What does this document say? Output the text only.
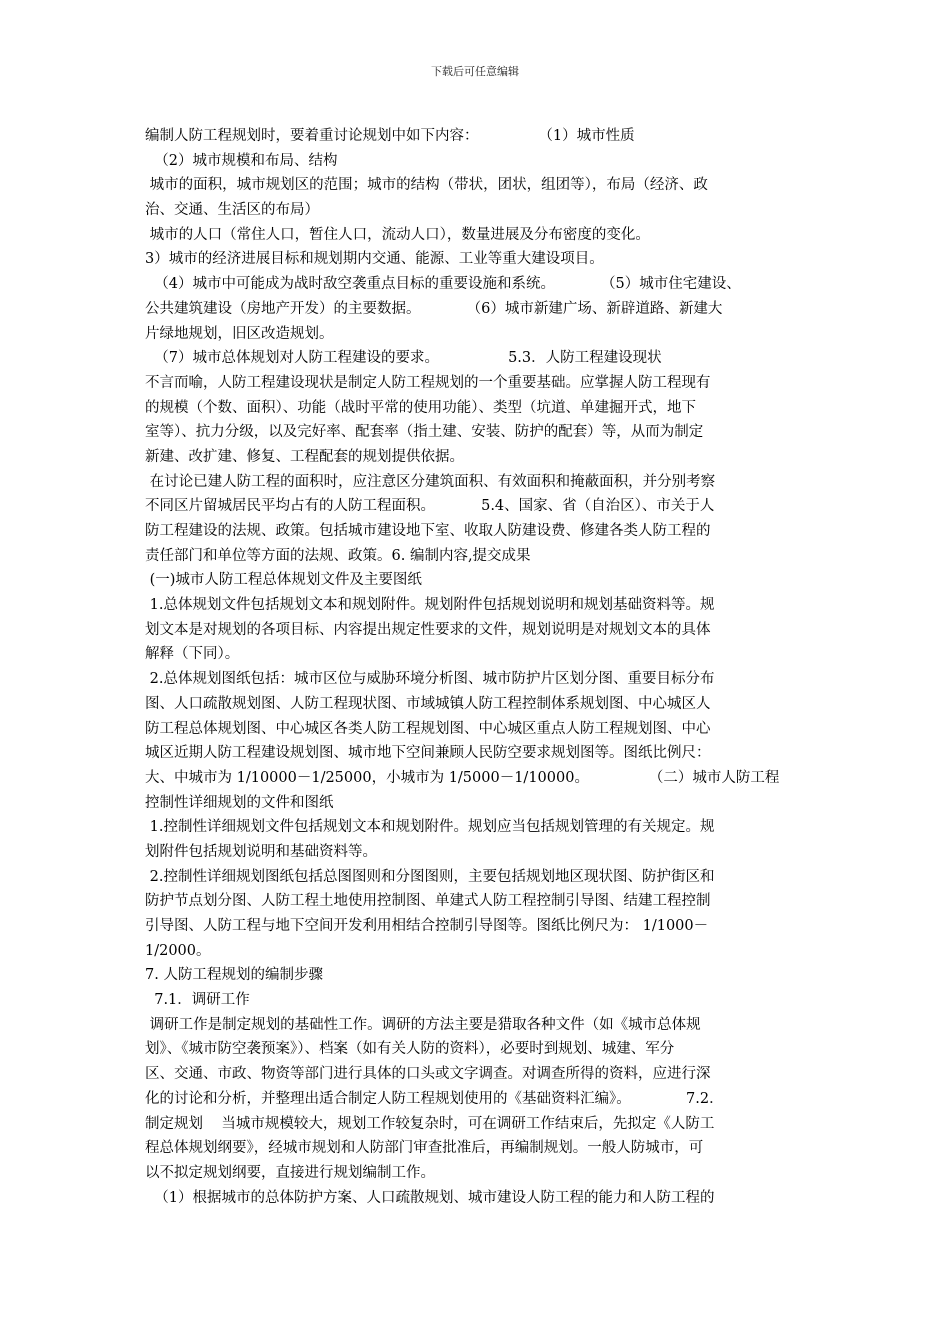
下载后可任意编辑
编制人防工程规划时，要着重讨论规划中如下内容：             （1）城市性质
（2）城市规模和布局、结构
城市的面积，城市规划区的范围；城市的结构（带状，团状，组团等），布局（经济、政
治、交通、生活区的布局）
城市的人口（常住人口，暂住人口，流动人口），数量进展及分布密度的变化。
3）城市的经济进展目标和规划期内交通、能源、工业等重大建设项目。
（4）城市中可能成为战时敌空袭重点目标的重要设施和系统。          （5）城市住宅建设、
公共建筑建设（房地产开发）的主要数据。          （6）城市新建广场、新辟道路、新建大
片绿地规划，旧区改造规划。
（7）城市总体规划对人防工程建设的要求。               5.3．人防工程建设现状
不言而喻，人防工程建设现状是制定人防工程规划的一个重要基础。应掌握人防工程现有
的规模（个数、面积）、功能（战时平常的使用功能）、类型（坑道、单建掘开式，地下
室等）、抗力分级，以及完好率、配套率（指土建、安装、防护的配套）等，从而为制定
新建、改扩建、修复、工程配套的规划提供依据。
在讨论已建人防工程的面积时，应注意区分建筑面积、有效面积和掩蔽面积，并分别考察
不同区片留城居民平均占有的人防工程面积。          5.4、国家、省（自治区）、市关于人
防工程建设的法规、政策。包括城市建设地下室、收取人防建设费、修建各类人防工程的
责任部门和单位等方面的法规、政策。6. 编制内容,提交成果
(一)城市人防工程总体规划文件及主要图纸
1.总体规划文件包括规划文本和规划附件。规划附件包括规划说明和规划基础资料等。规
划文本是对规划的各项目标、内容提出规定性要求的文件，规划说明是对规划文本的具体
解释（下同）。
2.总体规划图纸包括：城市区位与威胁环境分析图、城市防护片区划分图、重要目标分布
图、人口疏散规划图、人防工程现状图、市域城镇人防工程控制体系规划图、中心城区人
防工程总体规划图、中心城区各类人防工程规划图、中心城区重点人防工程规划图、中心
城区近期人防工程建设规划图、城市地下空间兼顾人民防空要求规划图等。图纸比例尺：
大、中城市为 1/10000－1/25000，小城市为 1/5000－1/10000。             （二）城市人防工程
控制性详细规划的文件和图纸
1.控制性详细规划文件包括规划文本和规划附件。规划应当包括规划管理的有关规定。规
划附件包括规划说明和基础资料等。
2.控制性详细规划图纸包括总图图则和分图图则，主要包括规划地区现状图、防护街区和
防护节点划分图、人防工程土地使用控制图、单建式人防工程控制引导图、结建工程控制
引导图、人防工程与地下空间开发利用相结合控制引导图等。图纸比例尺为： 1/1000－
1/2000。
7. 人防工程规划的编制步骤
7.1．调研工作
调研工作是制定规划的基础性工作。调研的方法主要是猎取各种文件（如《城市总体规
划》、《城市防空袭预案》）、档案（如有关人防的资料），必要时到规划、城建、军分
区、交通、市政、物资等部门进行具体的口头或文字调查。对调查所得的资料，应进行深
化的讨论和分析，并整理出适合制定人防工程规划使用的《基础资料汇编》。            7.2．
制定规划    当城市规模较大，规划工作较复杂时，可在调研工作结束后，先拟定《人防工
程总体规划纲要》，经城市规划和人防部门审查批准后，再编制规划。一般人防城市，可
以不拟定规划纲要，直接进行规划编制工作。
（1）根据城市的总体防护方案、人口疏散规划、城市建设人防工程的能力和人防工程的
